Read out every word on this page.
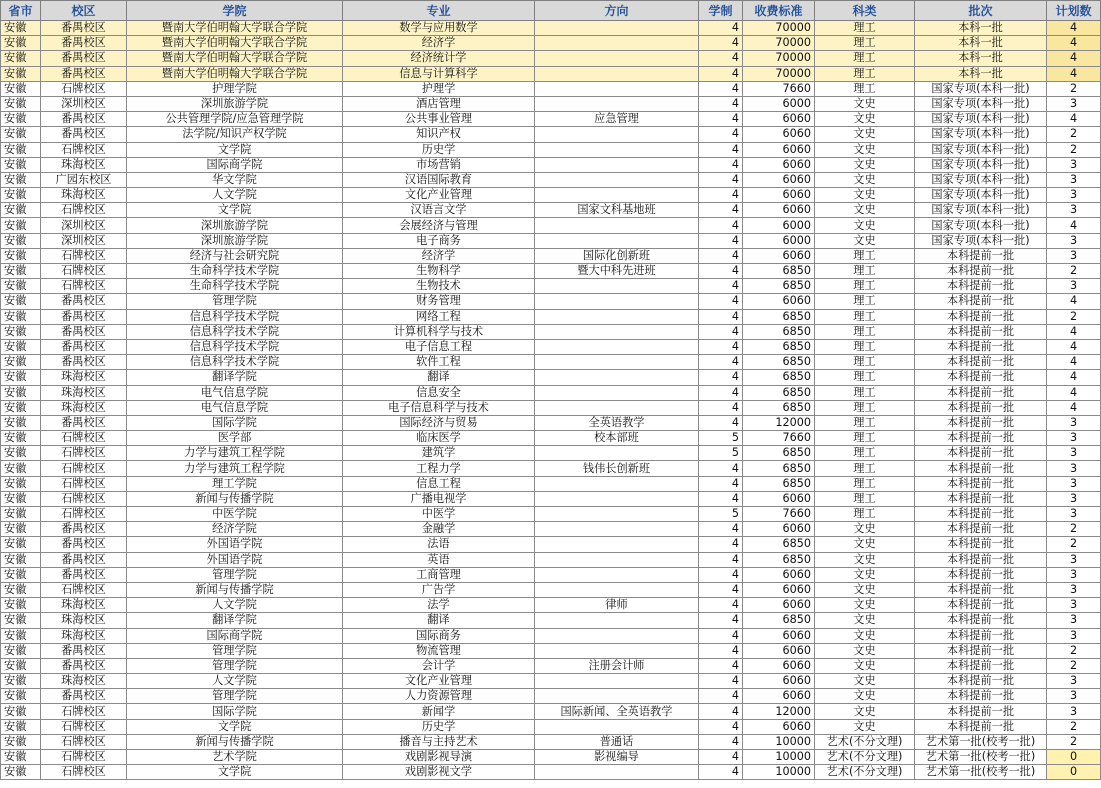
省市	校区	学院	专业	方向	学制	收费标准	科类	批次	计划数
安徽	番禺校区	暨南大学伯明翰大学联合学院	数学与应用数学		4	70000	理工	本科一批	4
安徽	番禺校区	暨南大学伯明翰大学联合学院	经济学		4	70000	理工	本科一批	4
安徽	番禺校区	暨南大学伯明翰大学联合学院	经济统计学		4	70000	理工	本科一批	4
安徽	番禺校区	暨南大学伯明翰大学联合学院	信息与计算科学		4	70000	理工	本科一批	4
安徽	石牌校区	护理学院	护理学		4	7660	理工	国家专项(本科一批)	2
安徽	深圳校区	深圳旅游学院	酒店管理		4	6000	文史	国家专项(本科一批)	3
安徽	番禺校区	公共管理学院/应急管理学院	公共事业管理	应急管理	4	6060	文史	国家专项(本科一批)	4
安徽	番禺校区	法学院/知识产权学院	知识产权		4	6060	文史	国家专项(本科一批)	2
安徽	石牌校区	文学院	历史学		4	6060	文史	国家专项(本科一批)	2
安徽	珠海校区	国际商学院	市场营销		4	6060	文史	国家专项(本科一批)	3
安徽	广园东校区	华文学院	汉语国际教育		4	6060	文史	国家专项(本科一批)	3
安徽	珠海校区	人文学院	文化产业管理		4	6060	文史	国家专项(本科一批)	3
安徽	石牌校区	文学院	汉语言文学	国家文科基地班	4	6060	文史	国家专项(本科一批)	3
安徽	深圳校区	深圳旅游学院	会展经济与管理		4	6000	文史	国家专项(本科一批)	4
安徽	深圳校区	深圳旅游学院	电子商务		4	6000	文史	国家专项(本科一批)	3
安徽	石牌校区	经济与社会研究院	经济学	国际化创新班	4	6060	理工	本科提前一批	3
安徽	石牌校区	生命科学技术学院	生物科学	暨大中科先进班	4	6850	理工	本科提前一批	2
安徽	石牌校区	生命科学技术学院	生物技术		4	6850	理工	本科提前一批	3
安徽	番禺校区	管理学院	财务管理		4	6060	理工	本科提前一批	4
安徽	番禺校区	信息科学技术学院	网络工程		4	6850	理工	本科提前一批	2
安徽	番禺校区	信息科学技术学院	计算机科学与技术		4	6850	理工	本科提前一批	4
安徽	番禺校区	信息科学技术学院	电子信息工程		4	6850	理工	本科提前一批	4
安徽	番禺校区	信息科学技术学院	软件工程		4	6850	理工	本科提前一批	4
安徽	珠海校区	翻译学院	翻译		4	6850	理工	本科提前一批	4
安徽	珠海校区	电气信息学院	信息安全		4	6850	理工	本科提前一批	4
安徽	珠海校区	电气信息学院	电子信息科学与技术		4	6850	理工	本科提前一批	4
安徽	番禺校区	国际学院	国际经济与贸易	全英语教学	4	12000	理工	本科提前一批	3
安徽	石牌校区	医学部	临床医学	校本部班	5	7660	理工	本科提前一批	3
安徽	石牌校区	力学与建筑工程学院	建筑学		5	6850	理工	本科提前一批	3
安徽	石牌校区	力学与建筑工程学院	工程力学	钱伟长创新班	4	6850	理工	本科提前一批	3
安徽	石牌校区	理工学院	信息工程		4	6850	理工	本科提前一批	3
安徽	石牌校区	新闻与传播学院	广播电视学		4	6060	理工	本科提前一批	3
安徽	石牌校区	中医学院	中医学		5	7660	理工	本科提前一批	3
安徽	番禺校区	经济学院	金融学		4	6060	文史	本科提前一批	2
安徽	番禺校区	外国语学院	法语		4	6850	文史	本科提前一批	2
安徽	番禺校区	外国语学院	英语		4	6850	文史	本科提前一批	3
安徽	番禺校区	管理学院	工商管理		4	6060	文史	本科提前一批	3
安徽	石牌校区	新闻与传播学院	广告学		4	6060	文史	本科提前一批	3
安徽	珠海校区	人文学院	法学	律师	4	6060	文史	本科提前一批	3
安徽	珠海校区	翻译学院	翻译		4	6850	文史	本科提前一批	3
安徽	珠海校区	国际商学院	国际商务		4	6060	文史	本科提前一批	3
安徽	番禺校区	管理学院	物流管理		4	6060	文史	本科提前一批	2
安徽	番禺校区	管理学院	会计学	注册会计师	4	6060	文史	本科提前一批	2
安徽	珠海校区	人文学院	文化产业管理		4	6060	文史	本科提前一批	3
安徽	番禺校区	管理学院	人力资源管理		4	6060	文史	本科提前一批	3
安徽	石牌校区	国际学院	新闻学	国际新闻、全英语教学	4	12000	文史	本科提前一批	3
安徽	石牌校区	文学院	历史学		4	6060	文史	本科提前一批	2
安徽	石牌校区	新闻与传播学院	播音与主持艺术	普通话	4	10000	艺术(不分文理)	艺术第一批(校考一批)	2
安徽	石牌校区	艺术学院	戏剧影视导演	影视编导	4	10000	艺术(不分文理)	艺术第一批(校考一批)	0
安徽	石牌校区	文学院	戏剧影视文学		4	10000	艺术(不分文理)	艺术第一批(校考一批)	0
